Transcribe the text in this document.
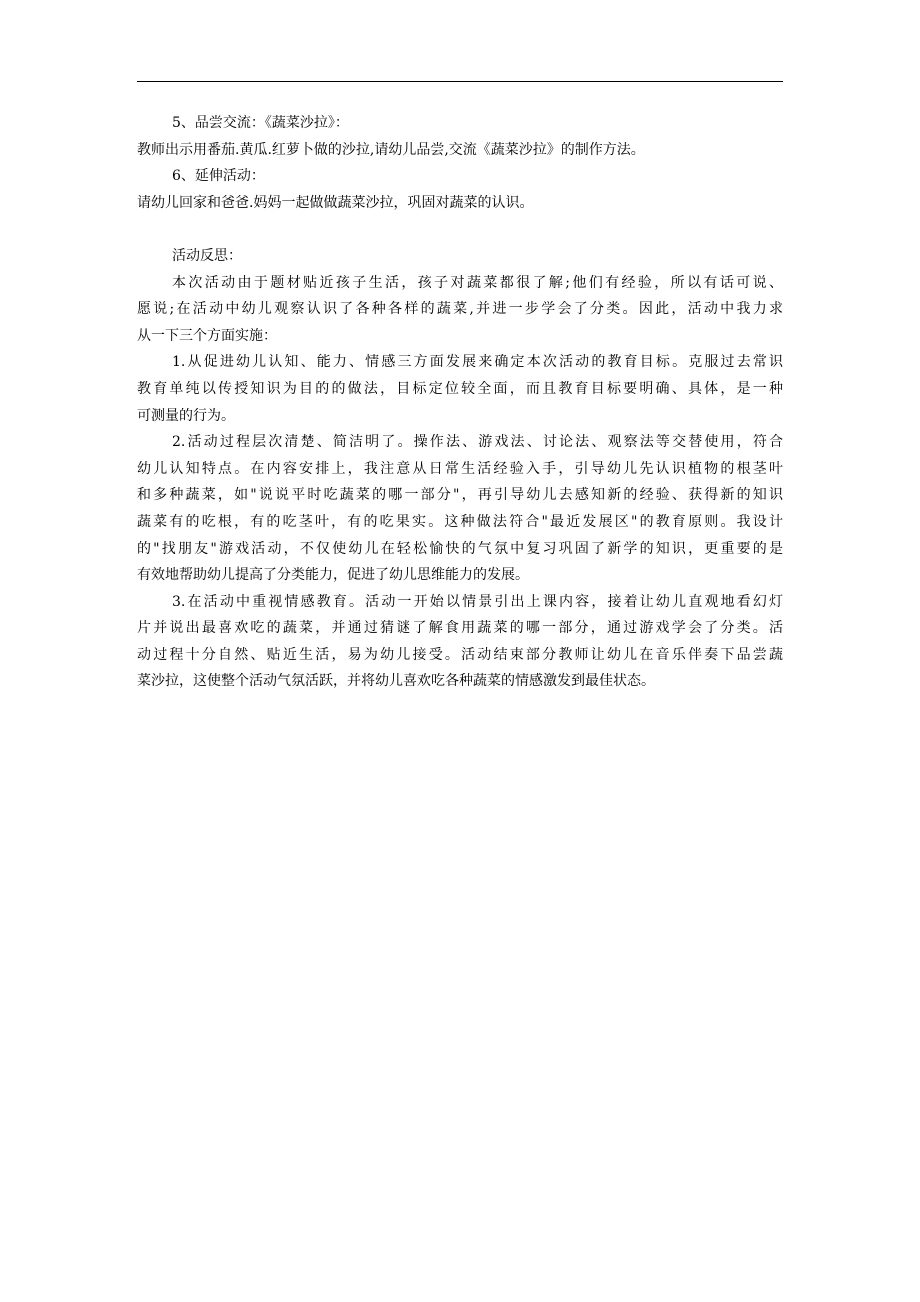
5、品尝交流：《蔬菜沙拉》：
教师出示用番茄.黄瓜.红萝卜做的沙拉,请幼儿品尝,交流《蔬菜沙拉》的制作方法。
6、延伸活动：
请幼儿回家和爸爸.妈妈一起做做蔬菜沙拉，巩固对蔬菜的认识。
活动反思：
本次活动由于题材贴近孩子生活，孩子对蔬菜都很了解;他们有经验，所以有话可说、
愿说;在活动中幼儿观察认识了各种各样的蔬菜,并进一步学会了分类。因此，活动中我力求
从一下三个方面实施：
1.从促进幼儿认知、能力、情感三方面发展来确定本次活动的教育目标。克服过去常识
教育单纯以传授知识为目的的做法，目标定位较全面，而且教育目标要明确、具体，是一种
可测量的行为。
2.活动过程层次清楚、简洁明了。操作法、游戏法、讨论法、观察法等交替使用，符合
幼儿认知特点。在内容安排上，我注意从日常生活经验入手，引导幼儿先认识植物的根茎叶
和多种蔬菜，如"说说平时吃蔬菜的哪一部分"，再引导幼儿去感知新的经验、获得新的知识
蔬菜有的吃根，有的吃茎叶，有的吃果实。这种做法符合"最近发展区"的教育原则。我设计
的"找朋友"游戏活动，不仅使幼儿在轻松愉快的气氛中复习巩固了新学的知识，更重要的是
有效地帮助幼儿提高了分类能力，促进了幼儿思维能力的发展。
3.在活动中重视情感教育。活动一开始以情景引出上课内容，接着让幼儿直观地看幻灯
片并说出最喜欢吃的蔬菜，并通过猜谜了解食用蔬菜的哪一部分，通过游戏学会了分类。活
动过程十分自然、贴近生活，易为幼儿接受。活动结束部分教师让幼儿在音乐伴奏下品尝蔬
菜沙拉，这使整个活动气氛活跃，并将幼儿喜欢吃各种蔬菜的情感激发到最佳状态。
